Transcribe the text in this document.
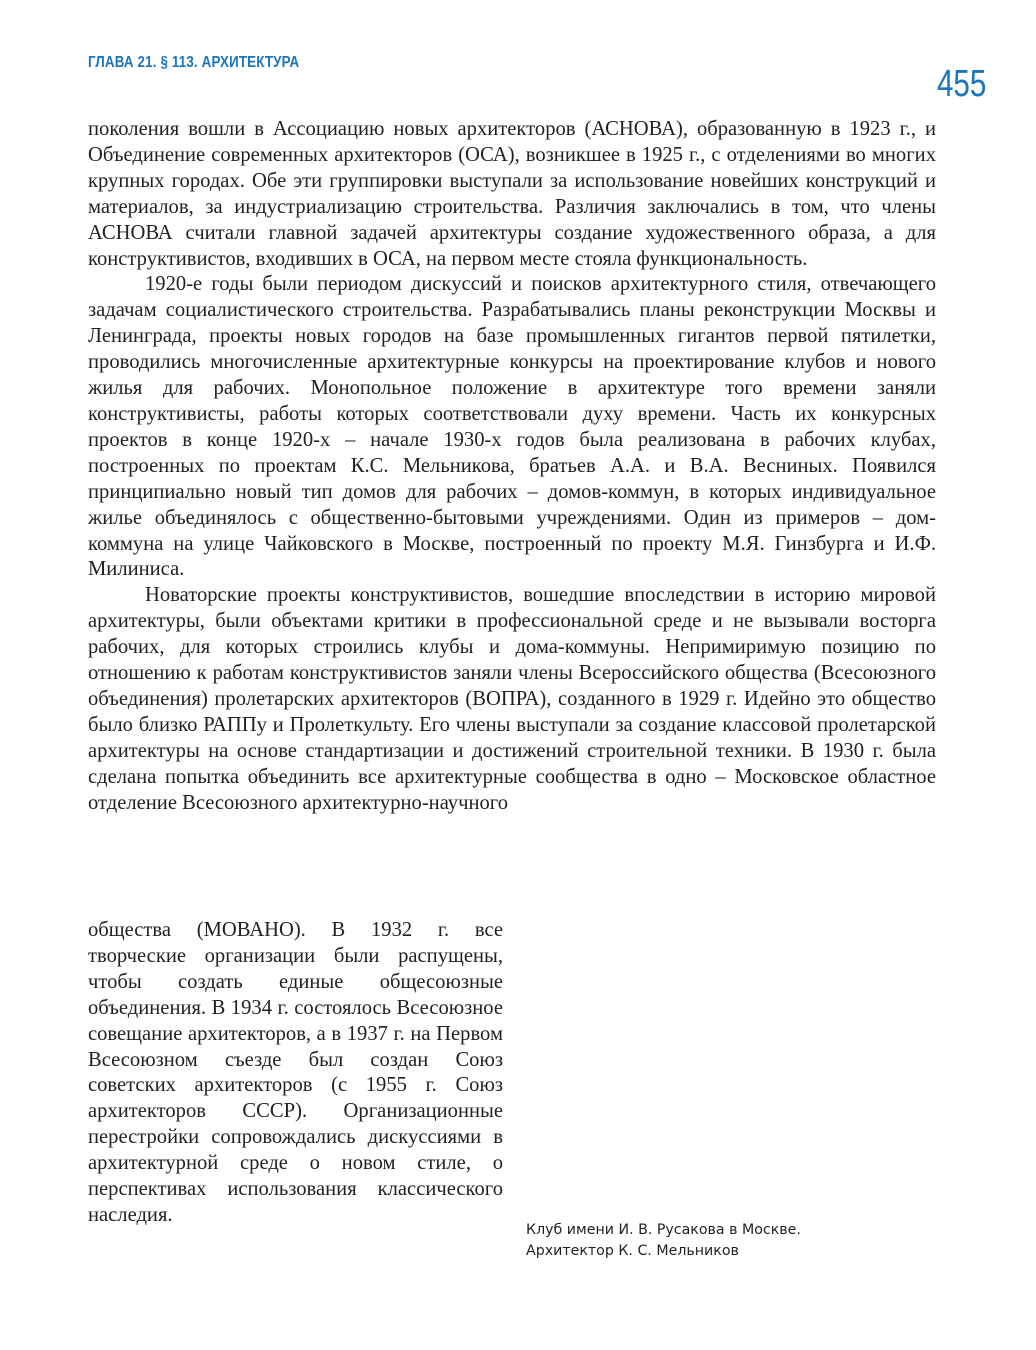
ГЛАВА 21. § 113. АРХИТЕКТУРА
455

поколения вошли в Ассоциацию новых архитекторов (АСНОВА), образованную в 1923 г., и Объединение современных архитекторов (ОСА), возникшее в 1925 г., с отделениями во многих крупных городах. Обе эти группировки выступали за использование новейших конструкций и материалов, за индустриализацию строительства. Различия заключались в том, что члены АСНОВА считали главной задачей архитектуры создание художественного образа, а для конструктивистов, входивших в ОСА, на первом месте стояла функциональность.

1920-е годы были периодом дискуссий и поисков архитектурного стиля, отвечающего задачам социалистического строительства. Разрабатывались планы реконструкции Москвы и Ленинграда, проекты новых городов на базе промышленных гигантов первой пятилетки, проводились многочисленные архитектурные конкурсы на проектирование клубов и нового жилья для рабочих. Монопольное положение в архитектуре того времени заняли конструктивисты, работы которых соответствовали духу времени. Часть их конкурсных проектов в конце 1920-х – начале 1930-х годов была реализована в рабочих клубах, построенных по проектам К.С. Мельникова, братьев А.А. и В.А. Весниных. Появился принципиально новый тип домов для рабочих – домов-коммун, в которых индивидуальное жилье объединялось с общественно-бытовыми учреждениями. Один из примеров – дом-коммуна на улице Чайковского в Москве, построенный по проекту М.Я. Гинзбурга и И.Ф. Милиниса.

Новаторские проекты конструктивистов, вошедшие впоследствии в историю мировой архитектуры, были объектами критики в профессиональной среде и не вызывали восторга рабочих, для которых строились клубы и дома-коммуны. Непримиримую позицию по отношению к работам конструктивистов заняли члены Всероссийского общества (Всесоюзного объединения) пролетарских архитекторов (ВОПРА), созданного в 1929 г. Идейно это общество было близко РАППу и Пролеткульту. Его члены выступали за создание классовой пролетарской архитектуры на основе стандартизации и достижений строительной техники. В 1930 г. была сделана попытка объединить все архитектурные сообщества в одно – Московское областное отделение Всесоюзного архитектурно-научного

общества (МОВАНО). В 1932 г. все творческие организации были распущены, чтобы создать единые общесоюзные объединения. В 1934 г. состоялось Всесоюзное совещание архитекторов, а в 1937 г. на Первом Всесоюзном съезде был создан Союз советских архитекторов (с 1955 г. Союз архитекторов СССР). Организационные перестройки сопровождались дискуссиями в архитектурной среде о новом стиле, о перспективах использования классического наследия.

Клуб имени И. В. Русакова в Москве.
Архитектор К. С. Мельников
